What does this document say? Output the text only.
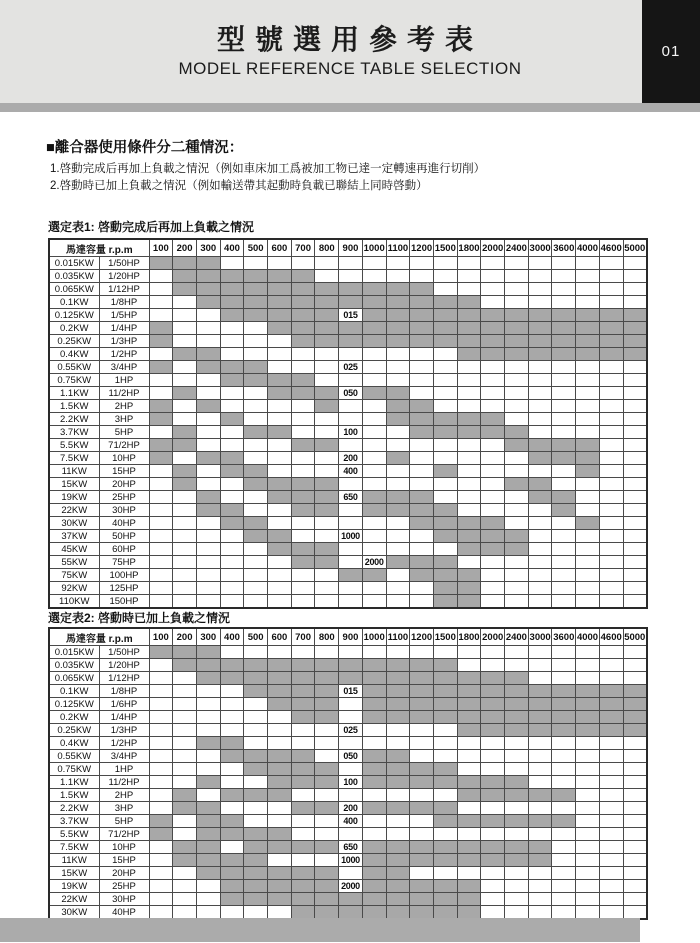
型號選用參考表
MODEL REFERENCE TABLE SELECTION
01
■離合器使用條件分二種情況：
1.啓動完成后再加上負載之情況（例如車床加工爲被加工物已達一定轉速再進行切削）
2.啓動時已加上負載之情況（例如輸送帶其起動時負載已聯結上同時啓動）
選定表1: 啓動完成后再加上負載之情況
馬達容量 r.p.m		100	200	300	400	500	600	700	800	900	1000	1100	1200	1500	1800	2000	2400	3000	3600	4000	4600	5000
0.015KW	1/50HP																					
0.035KW	1/20HP																					
0.065KW	1/12HP																					
0.1KW	1/8HP																					
0.125KW	1/5HP									015												
0.2KW	1/4HP																					
0.25KW	1/3HP																					
0.4KW	1/2HP																					
0.55KW	3/4HP									025												
0.75KW	1HP																					
1.1KW	11/2HP									050												
1.5KW	2HP																					
2.2KW	3HP																					
3.7KW	5HP									100												
5.5KW	71/2HP																					
7.5KW	10HP									200												
11KW	15HP									400												
15KW	20HP																					
19KW	25HP									650												
22KW	30HP																					
30KW	40HP																					
37KW	50HP									1000												
45KW	60HP																					
55KW	75HP										2000											
75KW	100HP																					
92KW	125HP																					
110KW	150HP																					
選定表2: 啓動時已加上負載之情況
馬達容量 r.p.m		100	200	300	400	500	600	700	800	900	1000	1100	1200	1500	1800	2000	2400	3000	3600	4000	4600	5000
0.015KW	1/50HP																					
0.035KW	1/20HP																					
0.065KW	1/12HP																					
0.1KW	1/8HP									015												
0.125KW	1/6HP																					
0.2KW	1/4HP																					
0.25KW	1/3HP									025												
0.4KW	1/2HP																					
0.55KW	3/4HP									050												
0.75KW	1HP																					
1.1KW	11/2HP									100												
1.5KW	2HP																					
2.2KW	3HP									200												
3.7KW	5HP									400												
5.5KW	71/2HP																					
7.5KW	10HP									650												
11KW	15HP									1000												
15KW	20HP																					
19KW	25HP									2000												
22KW	30HP																					
30KW	40HP																					
